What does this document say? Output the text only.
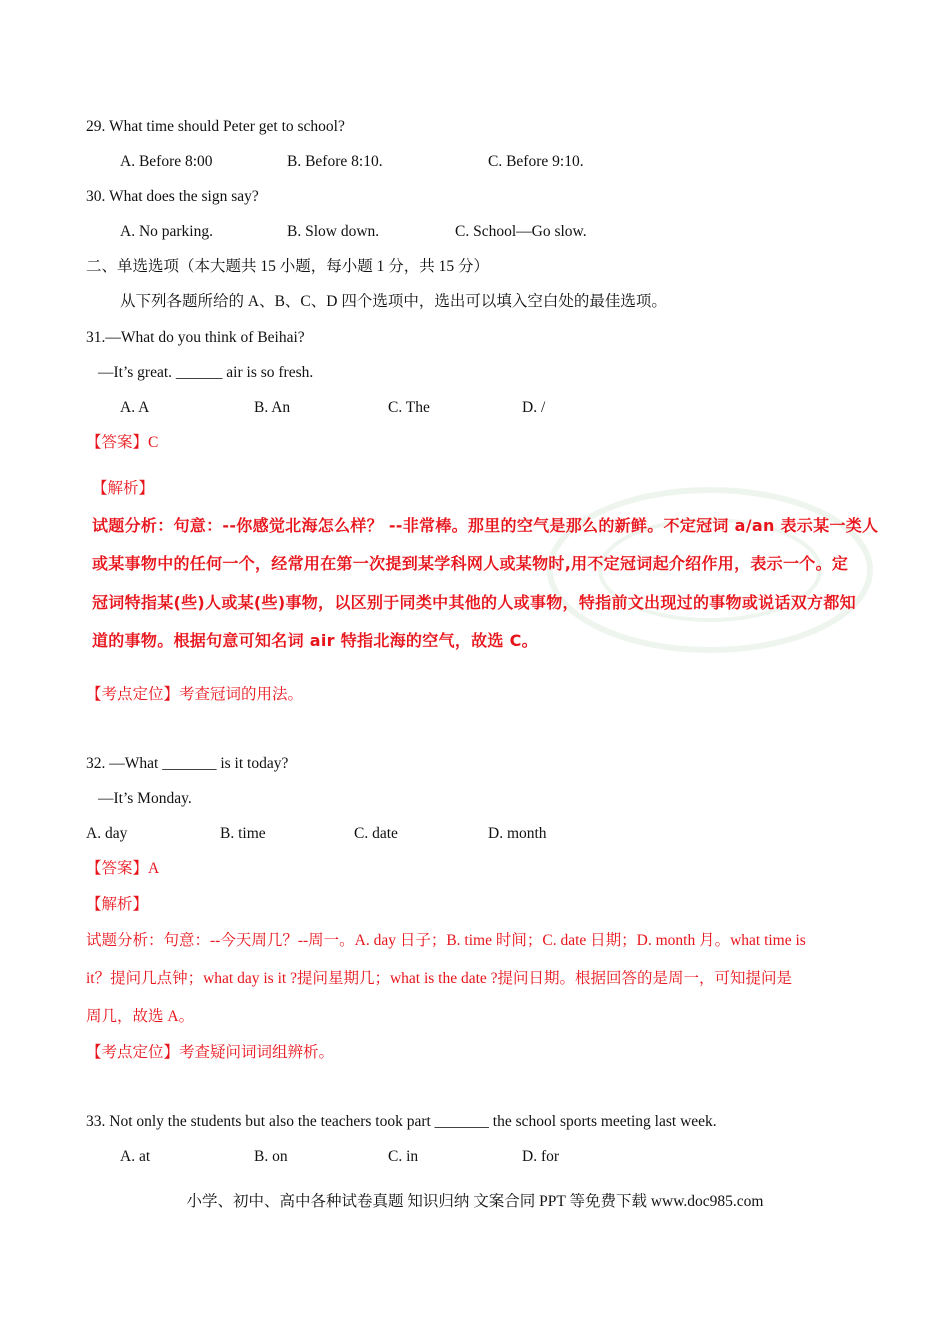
29. What time should Peter get to school?
A. Before 8:00	B. Before 8:10.	C. Before 9:10.
30. What does the sign say?
A. No parking.	B. Slow down.	C. School—Go slow.
二、单选选项（本大题共 15 小题，每小题 1 分，共 15 分）
从下列各题所给的 A、B、C、D 四个选项中，选出可以填入空白处的最佳选项。
31.—What do you think of Beihai?
—It’s great. ______ air is so fresh.
A. A	B. An	C. The	D. /
【答案】C
【解析】
试题分析：句意：--你感觉北海怎么样？ --非常棒。那里的空气是那么的新鲜。不定冠词 a/an 表示某一类人
或某事物中的任何一个，经常用在第一次提到某学科网人或某物时,用不定冠词起介绍作用，表示一个。定
冠词特指某(些)人或某(些)事物，以区别于同类中其他的人或事物，特指前文出现过的事物或说话双方都知
道的事物。根据句意可知名词 air 特指北海的空气，故选 C。
【考点定位】考查冠词的用法。
32. —What _______ is it today?
—It’s Monday.
A. day	B. time	C. date	D. month
【答案】A
【解析】
试题分析：句意：--今天周几？--周一。A. day 日子；B. time 时间；C. date 日期；D. month 月。what time is
it？提问几点钟；what day is it ?提问星期几；what is the date ?提问日期。根据回答的是周一，可知提问是
周几，故选 A。
【考点定位】考查疑问词词组辨析。
33. Not only the students but also the teachers took part _______ the school sports meeting last week.
A. at	B. on	C. in	D. for
小学、初中、高中各种试卷真题 知识归纳 文案合同 PPT 等免费下载 www.doc985.com
